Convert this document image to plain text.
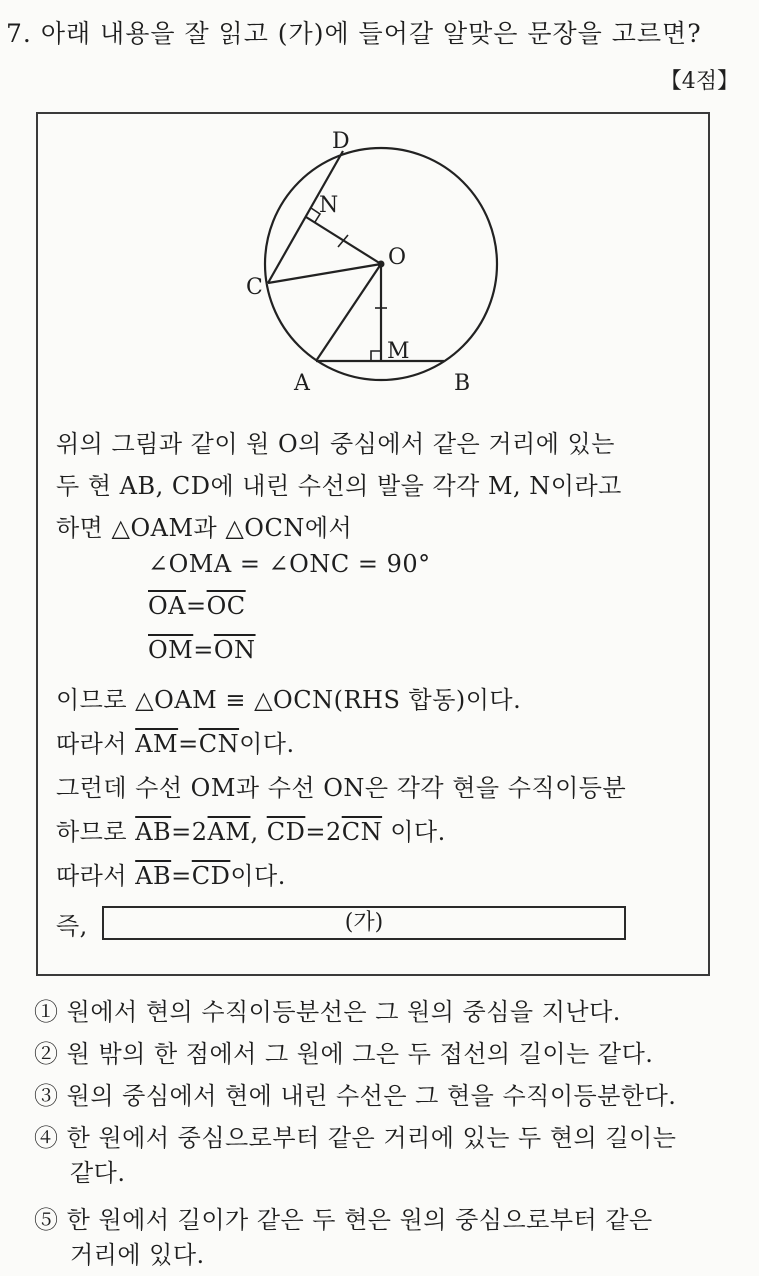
7. 아래 내용을 잘 읽고 (가)에 들어갈 알맞은 문장을 고르면?
【4점】
D
N
O
C
M
A	B
위의 그림과 같이 원 O의 중심에서 같은 거리에 있는
두 현 AB, CD에 내린 수선의 발을 각각 M, N이라고
하면 △OAM과 △OCN에서
∠OMA = ∠ONC = 90°
$\overline{OA}=\overline{OC}$
$\overline{OM}=\overline{ON}$
이므로 △OAM ≡ △OCN(RHS 합동)이다.
따라서 $\overline{AM}=\overline{CN}$이다.
그런데 수선 OM과 수선 ON은 각각 현을 수직이등분
하므로 $\overline{AB}=2\overline{AM}$, $\overline{CD}=2\overline{CN}$ 이다.
따라서 $\overline{AB}=\overline{CD}$이다.
즉,	(가)
① 원에서 현의 수직이등분선은 그 원의 중심을 지난다.
② 원 밖의 한 점에서 그 원에 그은 두 접선의 길이는 같다.
③ 원의 중심에서 현에 내린 수선은 그 현을 수직이등분한다.
④ 한 원에서 중심으로부터 같은 거리에 있는 두 현의 길이는
같다.
⑤ 한 원에서 길이가 같은 두 현은 원의 중심으로부터 같은
거리에 있다.
